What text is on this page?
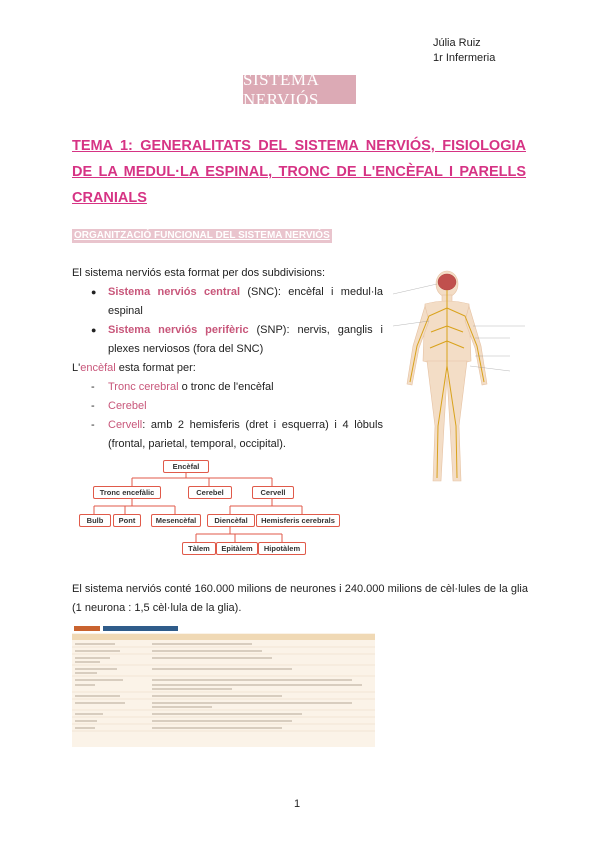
Júlia Ruiz
1r Infermeria
SISTEMA NERVIÓS
TEMA 1: GENERALITATS DEL SISTEMA NERVIÓS, FISIOLOGIA DE LA MEDUL·LA ESPINAL, TRONC DE L'ENCÈFAL I PARELLS CRANIALS
ORGANITZACIÓ FUNCIONAL DEL SISTEMA NERVIÓS
El sistema nerviós esta format per dos subdivisions:
● Sistema nerviós central (SNC): encèfal i medul·la espinal
● Sistema nerviós perifèric (SNP): nervis, ganglis i plexes nerviosos (fora del SNC)
L'encèfal esta format per:
- Tronc cerebral o tronc de l'encèfal
- Cerebel
- Cervell: amb 2 hemisferis (dret i esquerra) i 4 lòbuls (frontal, parietal, temporal, occipital).
Encèfal
Tronc encefàlic	Cerebel	Cervell
Bulb	Pont	Mesencèfal	Diencèfal	Hemisferis cerebrals
Tàlem	Epitàlem	Hipotàlem
El sistema nerviós conté 160.000 milions de neurones i 240.000 milions de cèl·lules de la glia (1 neurona : 1,5 cèl·lula de la glia).
1
